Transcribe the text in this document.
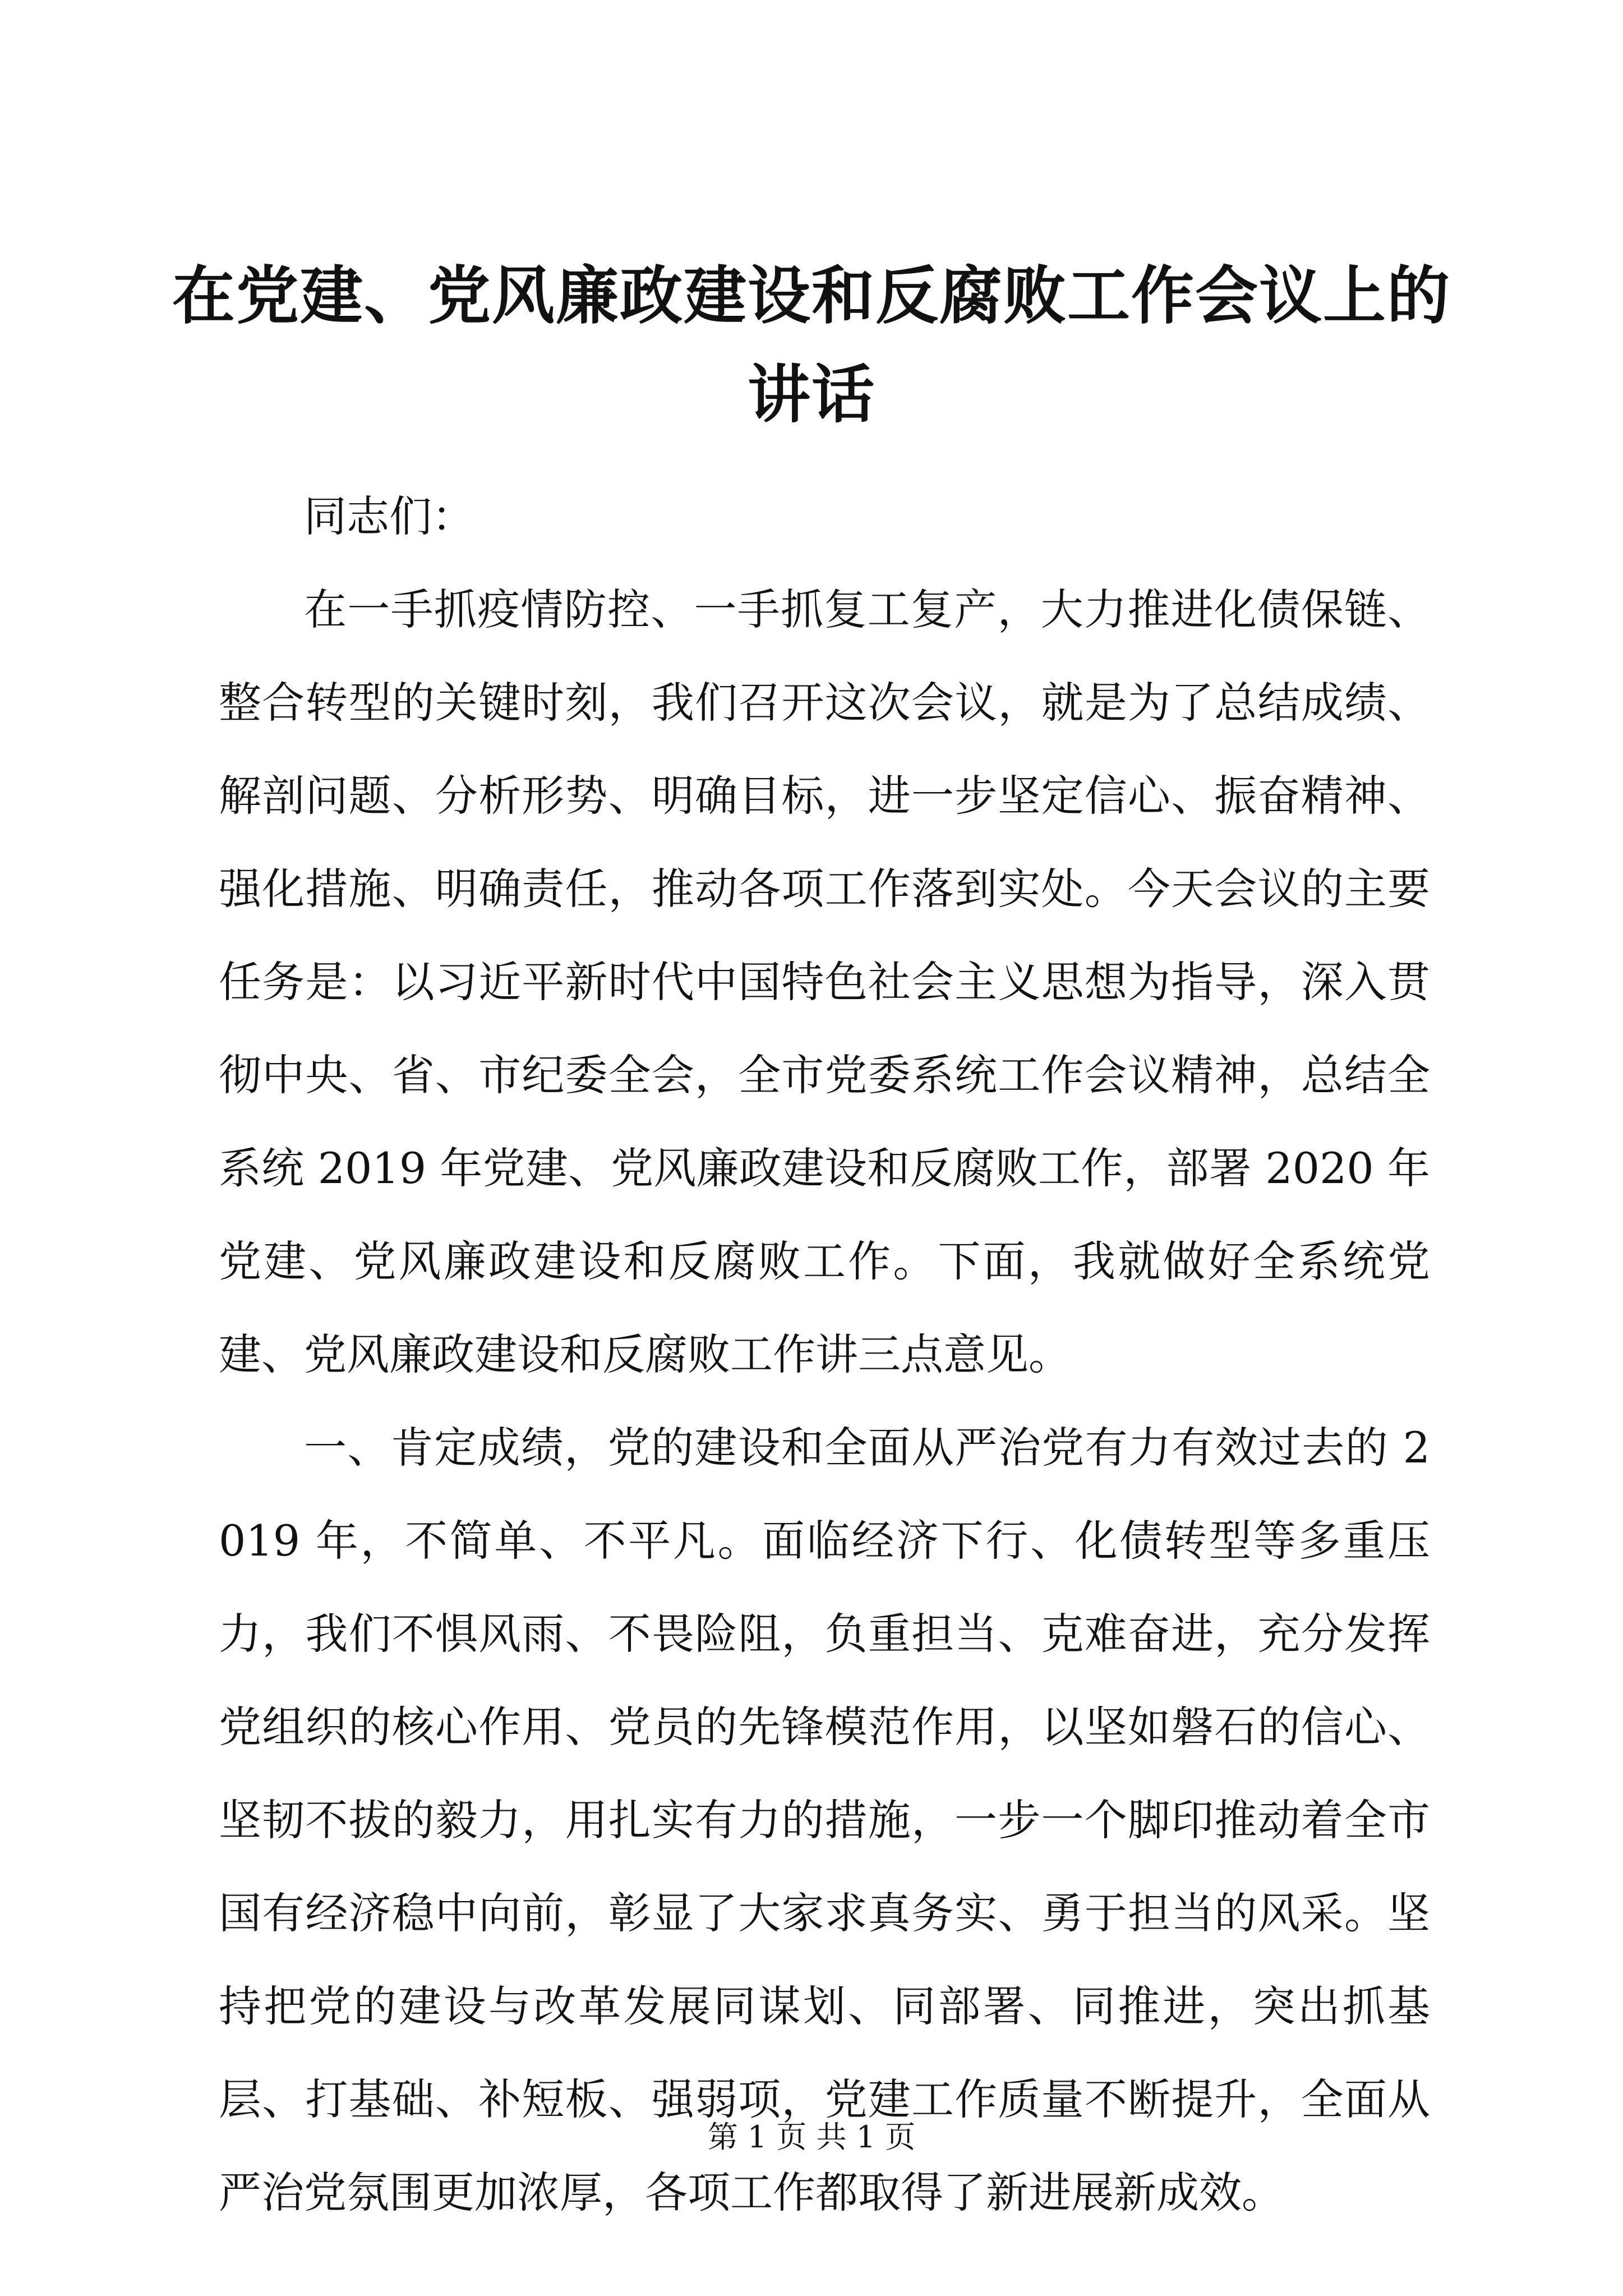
在党建、党风廉政建设和反腐败工作会议上的讲话

同志们：

在一手抓疫情防控、一手抓复工复产，大力推进化债保链、整合转型的关键时刻，我们召开这次会议，就是为了总结成绩、解剖问题、分析形势、明确目标，进一步坚定信心、振奋精神、强化措施、明确责任，推动各项工作落到实处。今天会议的主要任务是：以习近平新时代中国特色社会主义思想为指导，深入贯彻中央、省、市纪委全会，全市党委系统工作会议精神，总结全系统 2019 年党建、党风廉政建设和反腐败工作，部署 2020 年党建、党风廉政建设和反腐败工作。下面，我就做好全系统党建、党风廉政建设和反腐败工作讲三点意见。

一、肯定成绩，党的建设和全面从严治党有力有效过去的 2019 年，不简单、不平凡。面临经济下行、化债转型等多重压力，我们不惧风雨、不畏险阻，负重担当、克难奋进，充分发挥党组织的核心作用、党员的先锋模范作用，以坚如磐石的信心、坚韧不拔的毅力，用扎实有力的措施，一步一个脚印推动着全市国有经济稳中向前，彰显了大家求真务实、勇于担当的风采。坚持把党的建设与改革发展同谋划、同部署、同推进，突出抓基层、打基础、补短板、强弱项，党建工作质量不断提升，全面从严治党氛围更加浓厚，各项工作都取得了新进展新成效。

第 1 页 共 1 页
